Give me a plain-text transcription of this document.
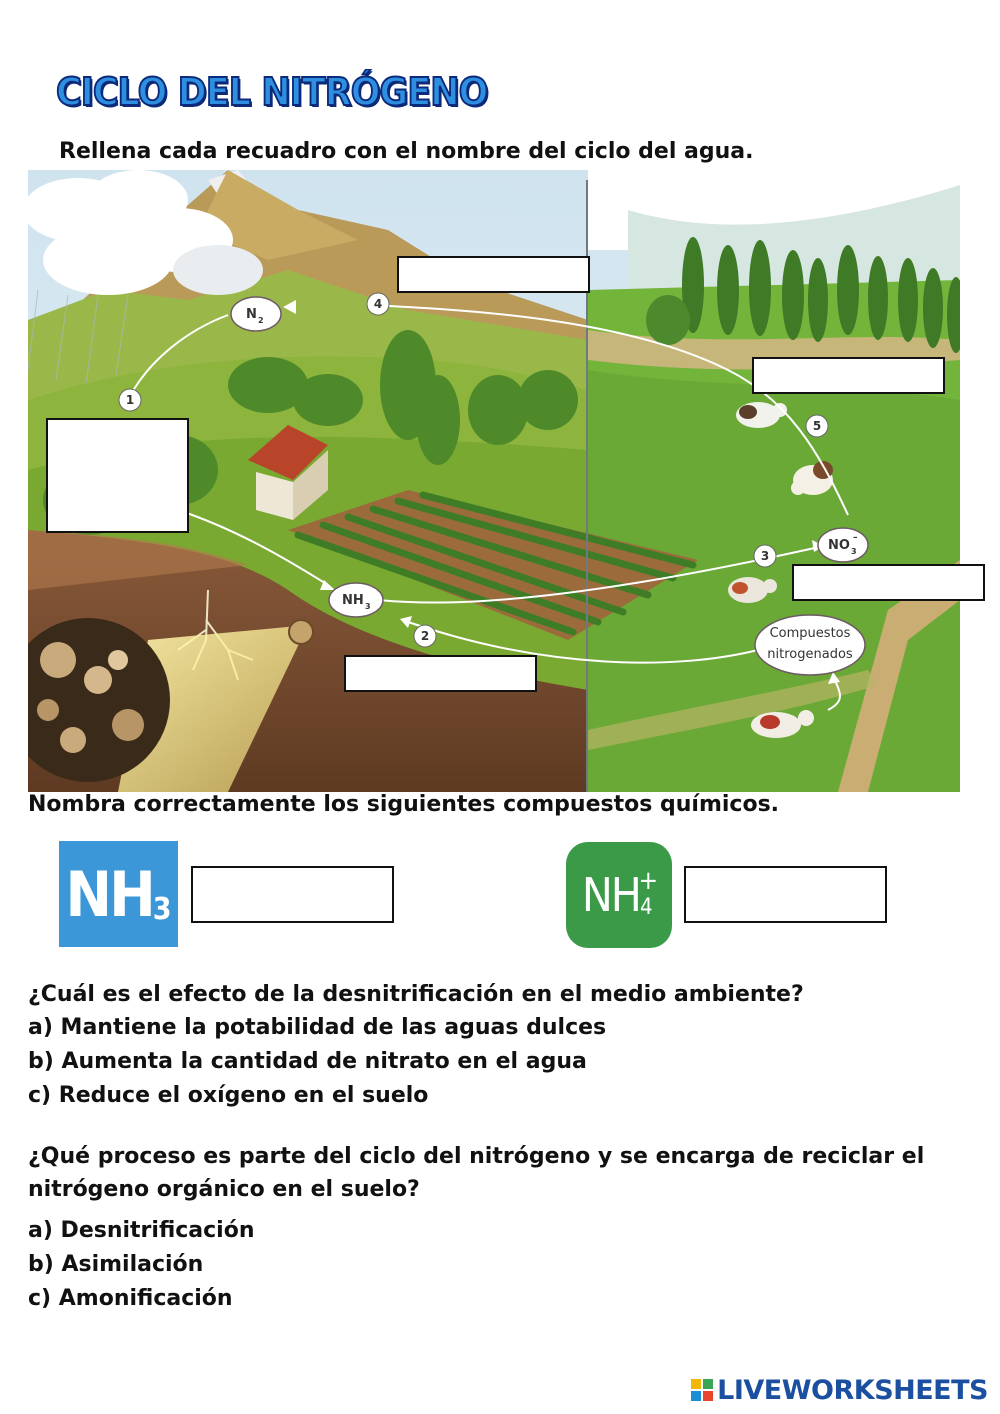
CICLO DEL NITRÓGENO
Rellena cada recuadro con el nombre del ciclo del agua.
N 2
NH 3
NO 3
–
Compuestos
nitrogenados
1
2
3
4
5
Nombra correctamente los siguientes compuestos químicos.
NH 3	NH 4
+
¿Cuál es el efecto de la desnitrificación en el medio ambiente?
a) Mantiene la potabilidad de las aguas dulces
b) Aumenta la cantidad de nitrato en el agua
c) Reduce el oxígeno en el suelo
¿Qué proceso es parte del ciclo del nitrógeno y se encarga de reciclar el
nitrógeno orgánico en el suelo?
a) Desnitrificación
b) Asimilación
c) Amonificación
LIVEWORKSHEETS
